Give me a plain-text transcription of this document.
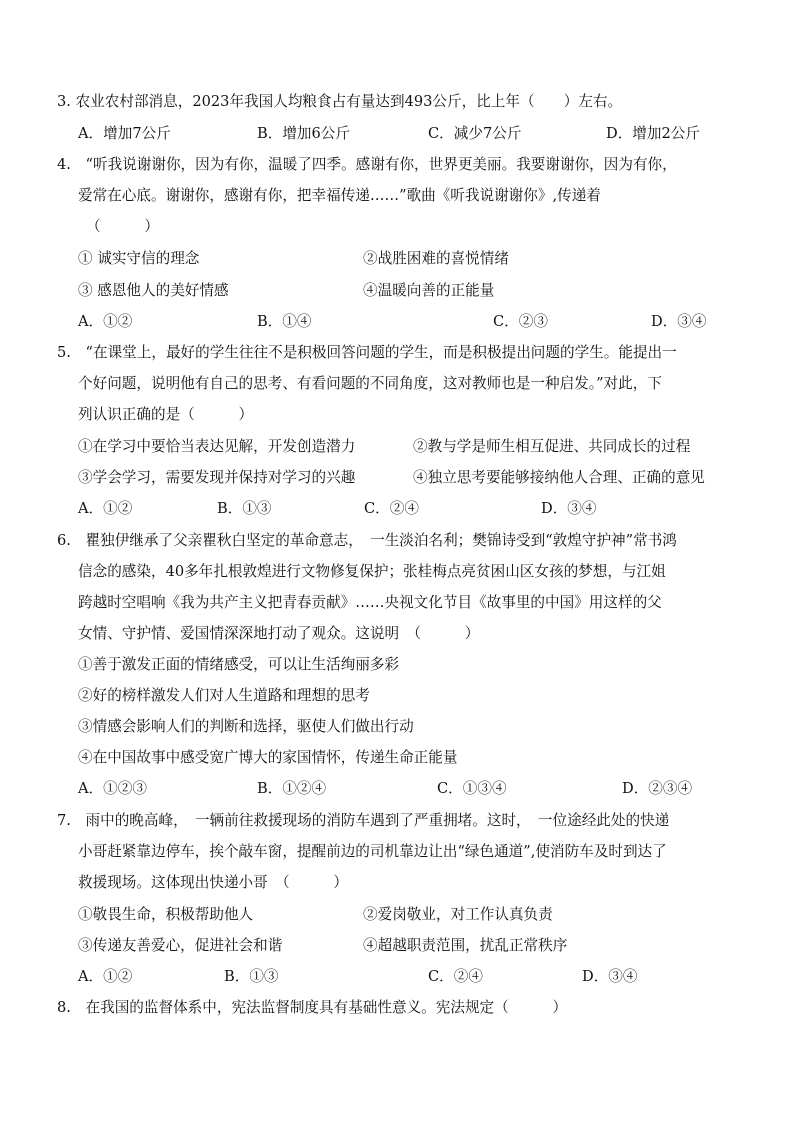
3. 农业农村部消息，2023年我国人均粮食占有量达到493公斤，比上年（　　）左右。
A．增加7公斤	B．增加6公斤	C．减少7公斤	D．增加2公斤
4.　“听我说谢谢你，因为有你，温暖了四季。感谢有你，世界更美丽。我要谢谢你，因为有你，
爱常在心底。谢谢你，感谢有你，把幸福传递……”歌曲《听我说谢谢你》,传递着
（　　　）
① 诚实守信的理念	②战胜困难的喜悦情绪
③ 感恩他人的美好情感	④温暖向善的正能量
A．①②	B．①④	C．②③	D．③④
5.　“在课堂上，最好的学生往往不是积极回答问题的学生，而是积极提出问题的学生。能提出一
个好问题，说明他有自己的思考、有看问题的不同角度，这对教师也是一种启发。”对此，下
列认识正确的是（　　　）
①在学习中要恰当表达见解，开发创造潜力	②教与学是师生相互促进、共同成长的过程
③学会学习，需要发现并保持对学习的兴趣	④独立思考要能够接纳他人合理、正确的意见
A．①②	B．①③	C．②④	D．③④
6.　瞿独伊继承了父亲瞿秋白坚定的革命意志，　一生淡泊名利；樊锦诗受到“敦煌守护神”常书鸿
信念的感染，40多年扎根敦煌进行文物修复保护；张桂梅点亮贫困山区女孩的梦想，与江姐
跨越时空唱响《我为共产主义把青春贡献》……央视文化节目《故事里的中国》用这样的父
女情、守护情、爱国情深深地打动了观众。这说明　（　　　）
①善于激发正面的情绪感受，可以让生活绚丽多彩
②好的榜样激发人们对人生道路和理想的思考
③情感会影响人们的判断和选择，驱使人们做出行动
④在中国故事中感受宽广博大的家国情怀，传递生命正能量
A．①②③	B．①②④	C．①③④	D．②③④
7.　雨中的晚高峰，　一辆前往救援现场的消防车遇到了严重拥堵。这时，　一位途经此处的快递
小哥赶紧靠边停车，挨个敲车窗，提醒前边的司机靠边让出“绿色通道”,使消防车及时到达了
救援现场。这体现出快递小哥　（　　　）
①敬畏生命，积极帮助他人	②爱岗敬业，对工作认真负责
③传递友善爱心，促进社会和谐	④超越职责范围，扰乱正常秩序
A．①②	B．①③	C．②④	D．③④
8.　在我国的监督体系中，宪法监督制度具有基础性意义。宪法规定（　　　）
